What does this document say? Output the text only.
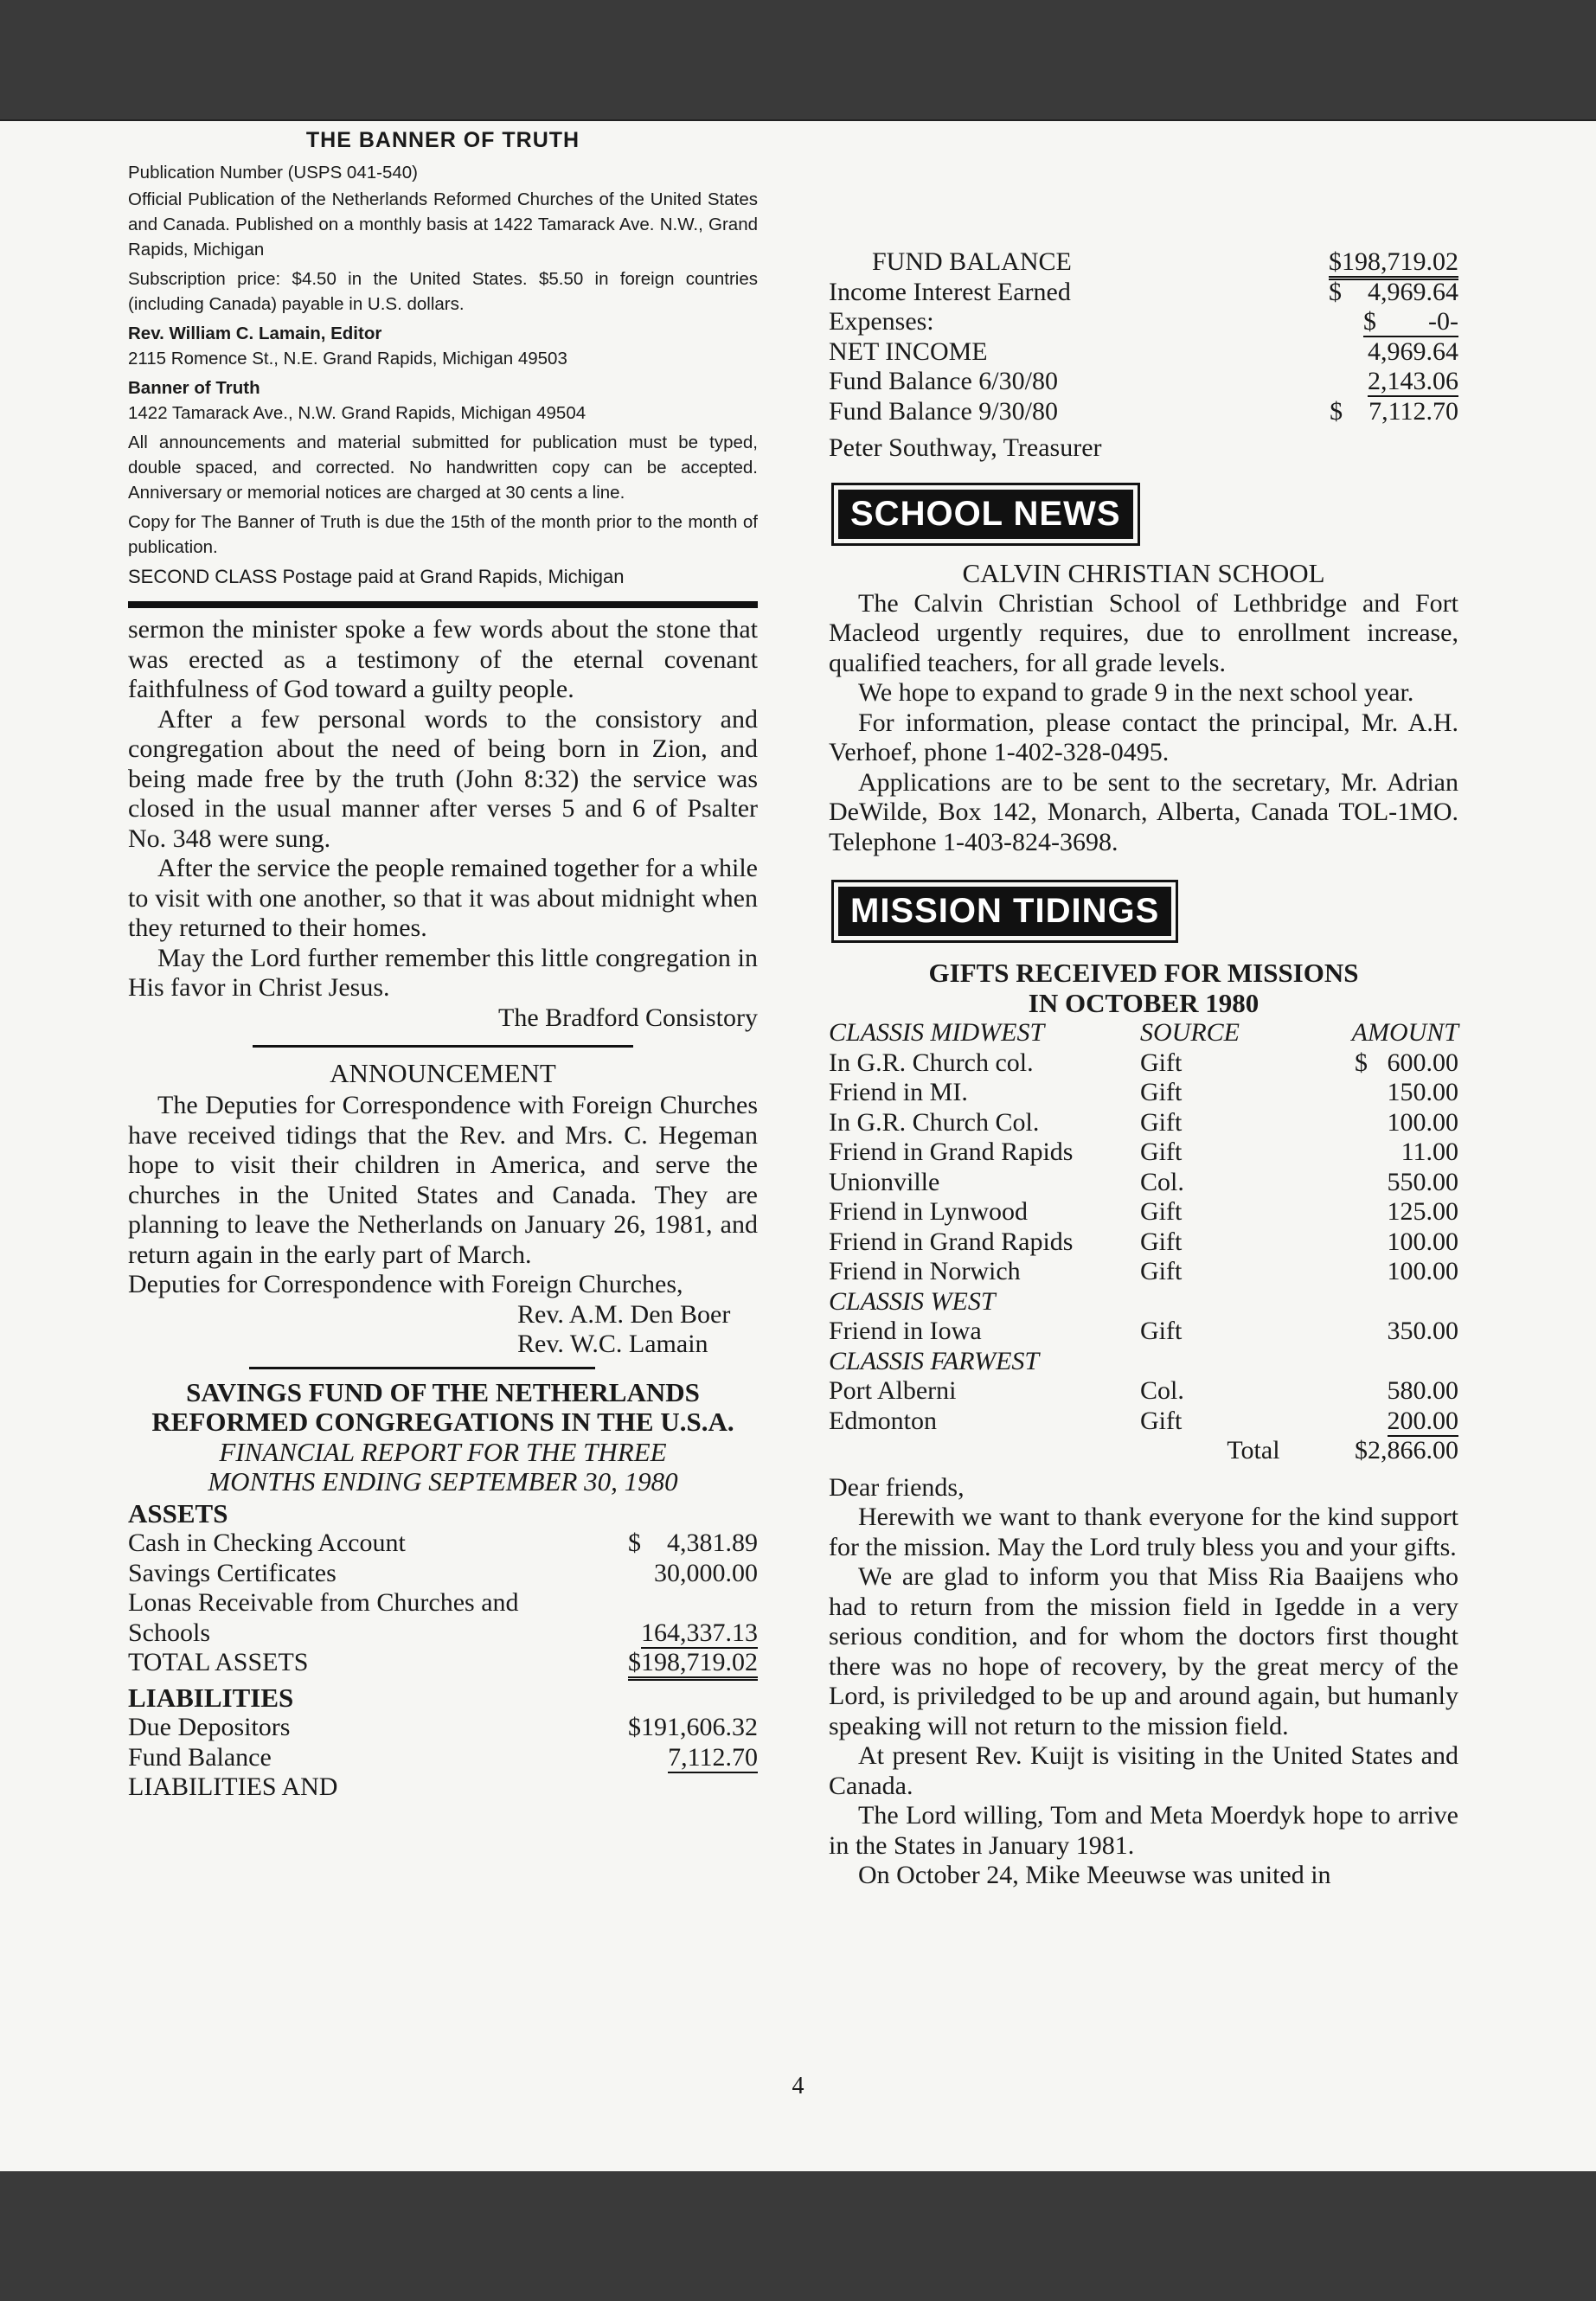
THE BANNER OF TRUTH

Publication Number (USPS 041-540)

Official Publication of the Netherlands Reformed Churches of the United States and Canada. Published on a monthly basis at 1422 Tamarack Ave. N.W., Grand Rapids, Michigan

Subscription price: $4.50 in the United States. $5.50 in foreign countries (including Canada) payable in U.S. dollars.

Rev. William C. Lamain, Editor

2115 Romence St., N.E. Grand Rapids, Michigan 49503

Banner of Truth

1422 Tamarack Ave., N.W. Grand Rapids, Michigan 49504

All announcements and material submitted for publication must be typed, double spaced, and corrected. No handwritten copy can be accepted. Anniversary or memorial notices are charged at 30 cents a line.

Copy for The Banner of Truth is due the 15th of the month prior to the month of publication.

SECOND CLASS Postage paid at Grand Rapids, Michigan

sermon the minister spoke a few words about the stone that was erected as a testimony of the eternal covenant faithfulness of God toward a guilty people.

After a few personal words to the consistory and congregation about the need of being born in Zion, and being made free by the truth (John 8:32) the service was closed in the usual manner after verses 5 and 6 of Psalter No. 348 were sung.

After the service the people remained together for a while to visit with one another, so that it was about midnight when they returned to their homes.

May the Lord further remember this little congregation in His favor in Christ Jesus.

The Bradford Consistory

ANNOUNCEMENT

The Deputies for Correspondence with Foreign Churches have received tidings that the Rev. and Mrs. C. Hegeman hope to visit their children in America, and serve the churches in the United States and Canada. They are planning to leave the Netherlands on January 26, 1981, and return again in the early part of March.

Deputies for Correspondence with Foreign Churches,

Rev. A.M. Den Boer

Rev. W.C. Lamain

SAVINGS FUND OF THE NETHERLANDS
REFORMED CONGREGATIONS IN THE U.S.A.
FINANCIAL REPORT FOR THE THREE
MONTHS ENDING SEPTEMBER 30, 1980
ASSETS
Cash in Checking Account	$    4,381.89
Savings Certificates	30,000.00
Lonas Receivable from Churches and	
Schools	164,337.13
TOTAL ASSETS	$198,719.02
LIABILITIES
Due Depositors	$191,606.32
Fund Balance	7,112.70
LIABILITIES AND	
FUND BALANCE	$198,719.02
Income Interest Earned	$    4,969.64
Expenses:	$        -0-
NET INCOME	4,969.64
Fund Balance 6/30/80	2,143.06
Fund Balance 9/30/80	$    7,112.70

Peter Southway, Treasurer

SCHOOL NEWS
CALVIN CHRISTIAN SCHOOL

The Calvin Christian School of Lethbridge and Fort Macleod urgently requires, due to enrollment increase, qualified teachers, for all grade levels.

We hope to expand to grade 9 in the next school year.

For information, please contact the principal, Mr. A.H. Verhoef, phone 1-402-328-0495.

Applications are to be sent to the secretary, Mr. Adrian DeWilde, Box 142, Monarch, Alberta, Canada TOL-1MO. Telephone 1-403-824-3698.

MISSION TIDINGS
GIFTS RECEIVED FOR MISSIONS
IN OCTOBER 1980
CLASSIS MIDWEST	SOURCE	AMOUNT
In G.R. Church col.	Gift	$   600.00
Friend in MI.	Gift	150.00
In G.R. Church Col.	Gift	100.00
Friend in Grand Rapids	Gift	11.00
Unionville	Col.	550.00
Friend in Lynwood	Gift	125.00
Friend in Grand Rapids	Gift	100.00
Friend in Norwich	Gift	100.00
CLASSIS WEST		
Friend in Iowa	Gift	350.00
CLASSIS FARWEST		
Port Alberni	Col.	580.00
Edmonton	Gift	200.00
	Total	$2,866.00

Dear friends,

Herewith we want to thank everyone for the kind support for the mission. May the Lord truly bless you and your gifts.

We are glad to inform you that Miss Ria Baaijens who had to return from the mission field in Igedde in a very serious condition, and for whom the doctors first thought there was no hope of recovery, by the great mercy of the Lord, is priviledged to be up and around again, but humanly speaking will not return to the mission field.

At present Rev. Kuijt is visiting in the United States and Canada.

The Lord willing, Tom and Meta Moerdyk hope to arrive in the States in January 1981.

On October 24, Mike Meeuwse was united in

4
